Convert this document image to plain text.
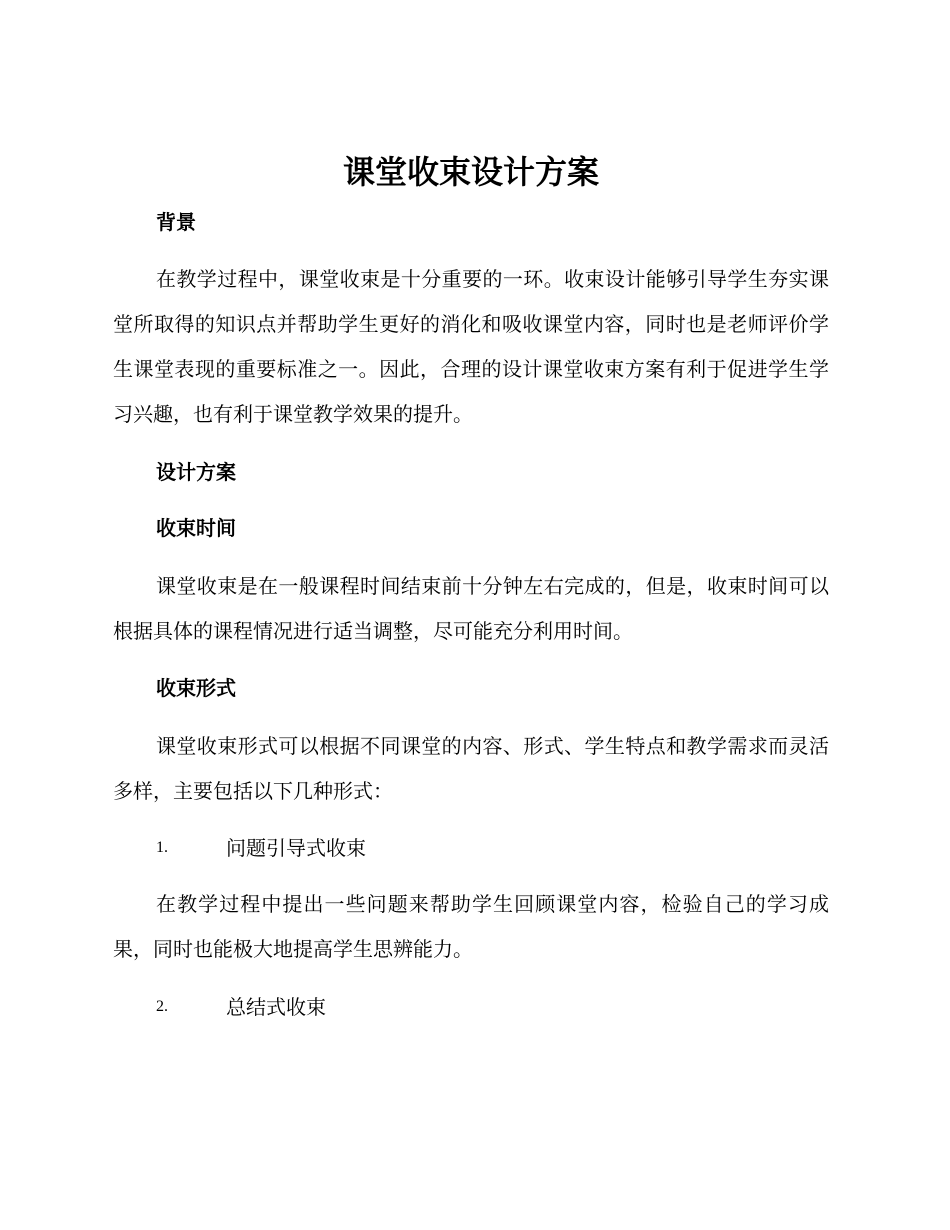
课堂收束设计方案
背景

在教学过程中，课堂收束是十分重要的一环。收束设计能够引导学生夯实课堂所取得的知识点并帮助学生更好的消化和吸收课堂内容，同时也是老师评价学生课堂表现的重要标准之一。因此，合理的设计课堂收束方案有利于促进学生学习兴趣，也有利于课堂教学效果的提升。

设计方案
收束时间

课堂收束是在一般课程时间结束前十分钟左右完成的，但是，收束时间可以根据具体的课程情况进行适当调整，尽可能充分利用时间。

收束形式

课堂收束形式可以根据不同课堂的内容、形式、学生特点和教学需求而灵活多样，主要包括以下几种形式：

1.	问题引导式收束

在教学过程中提出一些问题来帮助学生回顾课堂内容，检验自己的学习成果，同时也能极大地提高学生思辨能力。

2.	总结式收束
